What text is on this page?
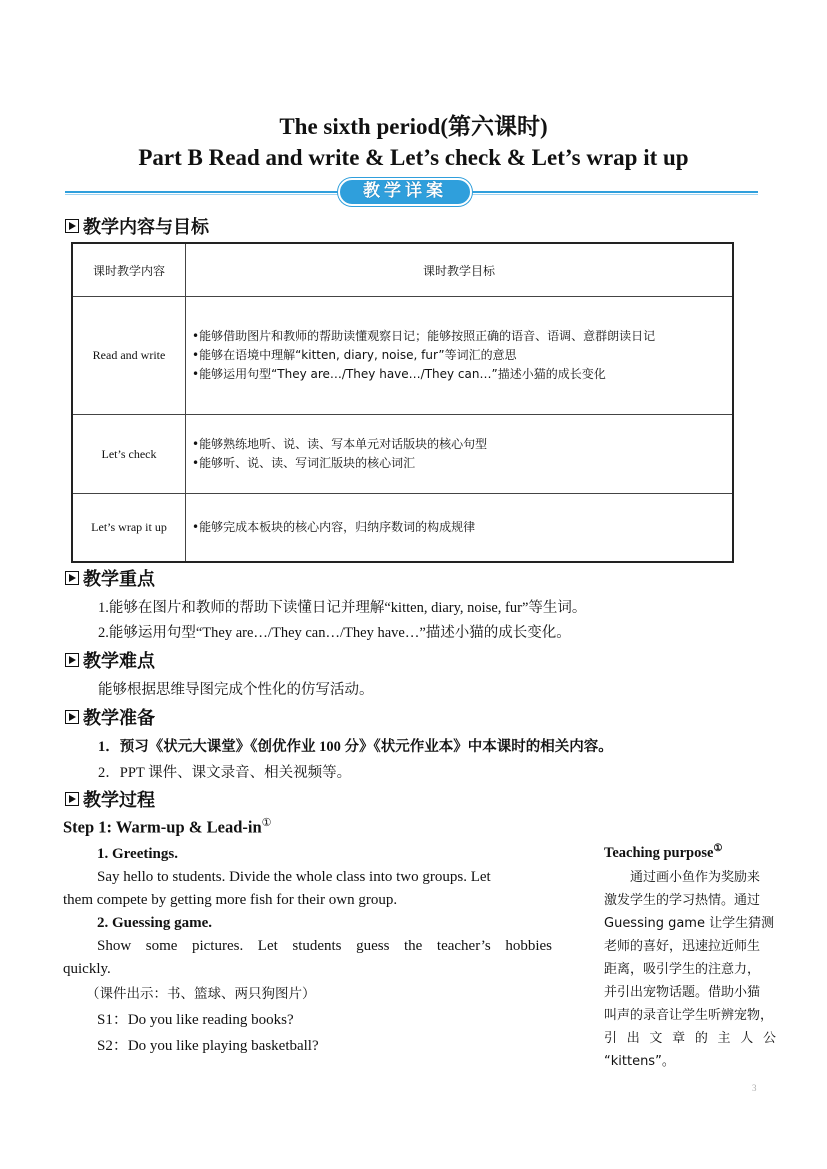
The sixth period(第六课时)
Part B Read and write & Let’s check & Let’s wrap it up
教学详案
教学内容与目标
课时教学内容	课时教学目标
Read and write	•能够借助图片和教师的帮助读懂观察日记；能够按照正确的语音、语调、意群朗读日记
•能够在语境中理解“kitten, diary, noise, fur”等词汇的意思
•能够运用句型“They are…/They have…/They can…”描述小猫的成长变化

Let’s check	•能够熟练地听、说、读、写本单元对话版块的核心句型
•能够听、说、读、写词汇版块的核心词汇

Let’s wrap it up	•能够完成本板块的核心内容，归纳序数词的构成规律
教学重点
1.能够在图片和教师的帮助下读懂日记并理解“kitten, diary, noise, fur”等生词。
2.能够运用句型“They are…/They can…/They have…”描述小猫的成长变化。
教学难点
能够根据思维导图完成个性化的仿写活动。
教学准备
1．预习《状元大课堂》《创优作业 100 分》《状元作业本》中本课时的相关内容。
2．PPT 课件、课文录音、相关视频等。
教学过程
Step 1: Warm-up & Lead-in①
1. Greetings.
Say hello to students. Divide the whole class into two groups. Let
them compete by getting more fish for their own group.
2. Guessing game.
Show some pictures. Let students guess the teacher’s hobbies
quickly.
（课件出示：书、篮球、两只狗图片）
S1：Do you like reading books?
S2：Do you like playing basketball?
Teaching purpose①
通过画小鱼作为奖励来
激发学生的学习热情。通过
Guessing game 让学生猜测
老师的喜好，迅速拉近师生
距离，吸引学生的注意力，
并引出宠物话题。借助小猫
叫声的录音让学生听辨宠物，
引出文章的主人公
“kittens”。
3
